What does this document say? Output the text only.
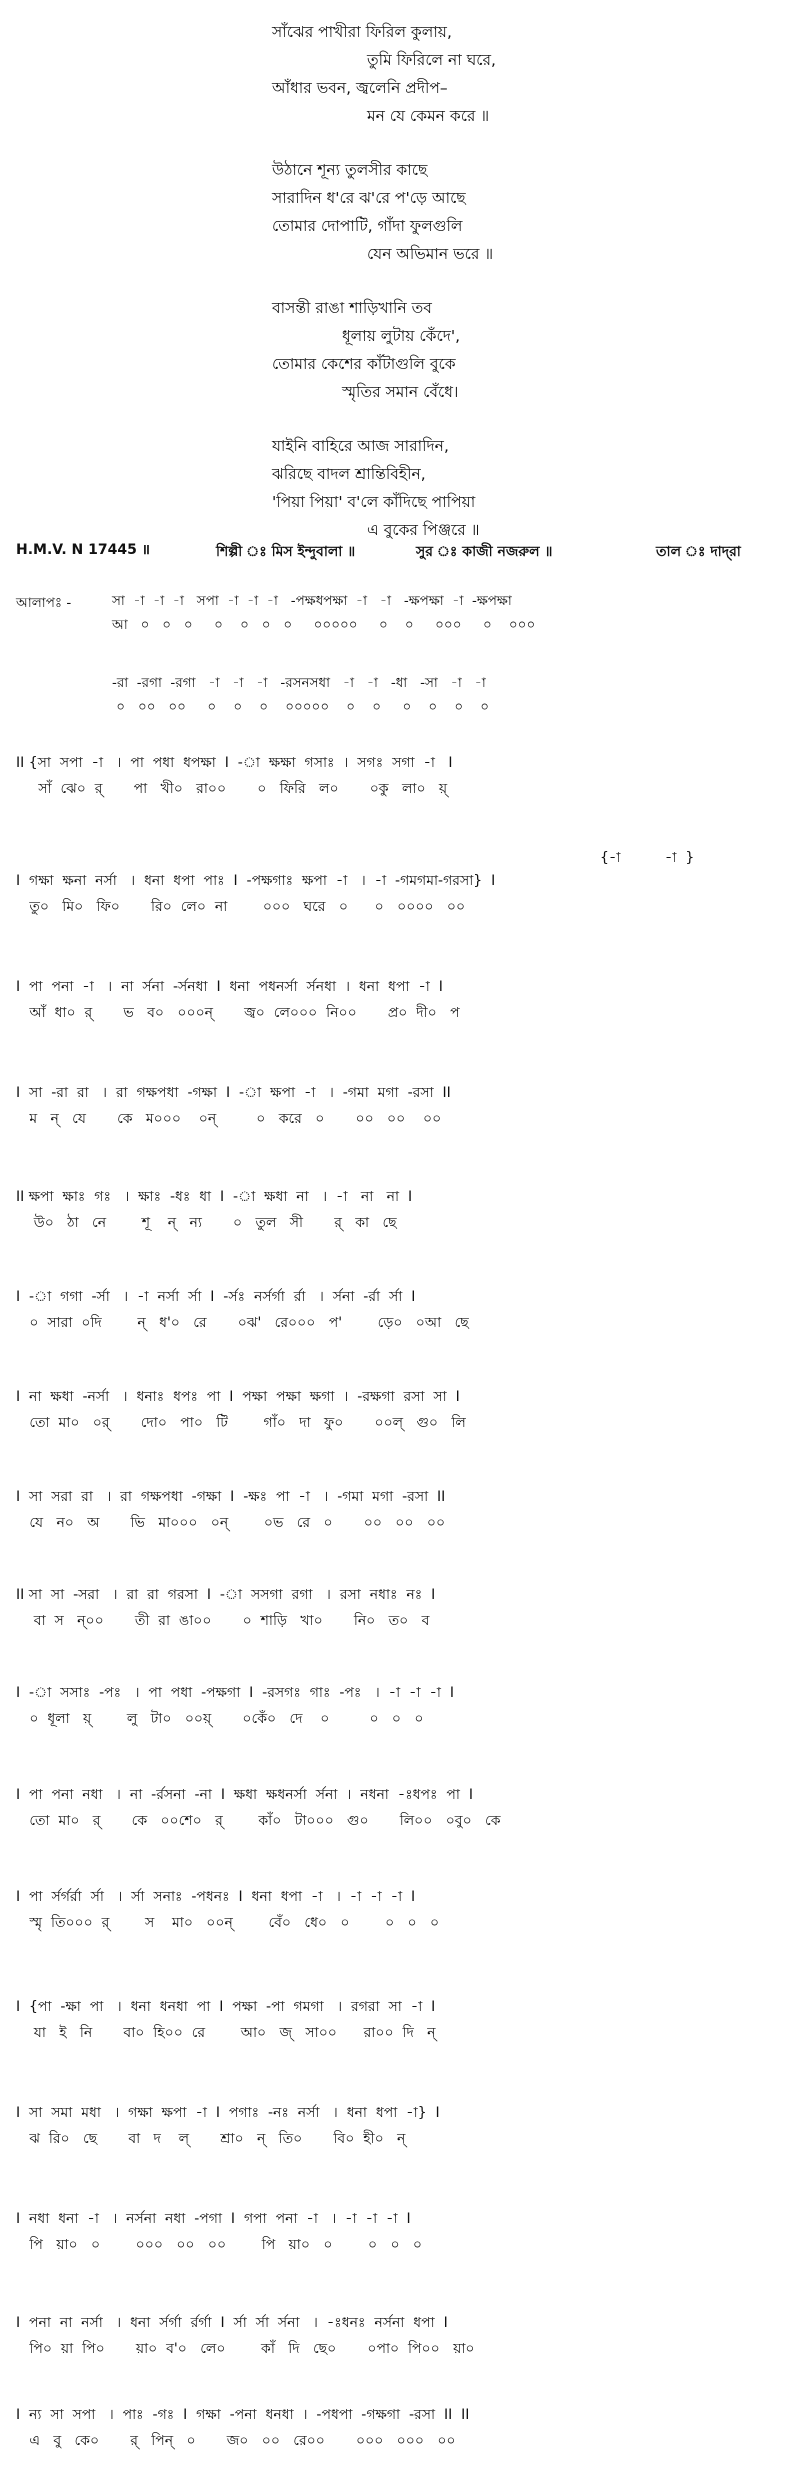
সাঁঝের পাখীরা ফিরিল কুলায়,
তুমি ফিরিলে না ঘরে,
আঁধার ভবন, জ্বলেনি প্রদীপ–
মন যে কেমন করে ॥
উঠানে শূন্য তুলসীর কাছে
সারাদিন ধ'রে ঝ'রে প'ড়ে আছে
তোমার দোপাটি, গাঁদা ফুলগুলি
যেন অভিমান ভরে ॥
বাসন্তী রাঙা শাড়িখানি তব
ধূলায় লুটায় কেঁদে',
তোমার কেশের কাঁটাগুলি বুকে
স্মৃতির সমান বেঁধে।
যাইনি বাহিরে আজ সারাদিন,
ঝরিছে বাদল শ্রান্তিবিহীন,
'পিয়া পিয়া' ব'লে কাঁদিছে পাপিয়া
এ বুকের পিঞ্জরে ॥
H.M.V. N 17445 ॥	শিল্পী ঃ মিস ইন্দুবালা ॥	সুর ঃ কাজী নজরুল ॥	তাল ঃ দাদ্‌রা
আলাপঃ -	সা  -া  -া  -া   সপা  -া  -া  -া   -পক্ষধপক্ষা  -া   -া   -ক্ষপক্ষা  -া  -ক্ষপক্ষা
আ   ০   ০   ০     ০    ০   ০   ০     ০০০০০     ০    ০     ০০০     ০    ০০০
-রা  -রগা  -রগা   -া   -া   -া   -রসনসধা   -া   -া   -ধা   -সা   -া   -া
০   ০০   ০০     ০    ০    ০    ০০০০০    ০    ০     ০    ০    ০    ০
{-া          -া  }
II {সা  সপা  -া   ।  পা  পধা  ধপক্ষা  I  -া  ক্ষক্ষা  গসাঃ  ।  সগঃ  সগা  -া   I
সাঁ  ঝে০  র্       পা   খী০   রা০০       ০   ফিরি   ল০       ০কু   লা০   য়্
I  গক্ষা  ক্ষনা  নর্সা   ।  ধনা  ধপা  পাঃ  I  -পক্ষগাঃ  ক্ষপা  -া   ।  -া  -গমগমা-গরসা}  I
তু০   মি০   ফি০       রি০  লে০  না        ০০০   ঘরে   ০      ০   ০০০০   ০০
I  পা  পনা  -া   ।  না  র্সনা  -র্সনধা  I  ধনা  পধনর্সা  র্সনধা  ।  ধনা  ধপা  -া  I
আঁ  ধা০  র্       ভ   ব০   ০০০ন্       জ্ব০  লে০০০  নি০০       প্র০  দী০   প
I  সা  -রা  রা   ।  রা  গক্ষপধা  -গক্ষা  I  -া  ক্ষপা  -া   ।  -গমা  মগা  -রসা  II
ম   ন্   যে       কে   ম০০০    ০ন্         ০   করে   ০       ০০   ০০    ০০
II ক্ষপা  ক্ষাঃ  গঃ   ।  ক্ষাঃ  -ধঃ  ধা  I  -া  ক্ষধা  না   ।  -া   না   না  I
উ০   ঠা   নে        শূ    ন্   ন্য       ০   তুল   সী       র্   কা   ছে
I  -া  গগা  -র্সা   ।  -া  নর্সা  র্সা  I  -র্সঃ  নর্সর্গা  র্রা   ।  র্সনা  -র্রা  র্সা  I
০  সারা  ০দি        ন্   ধ'০   রে       ০ঝ'   রে০০০   প'        ড়ে০   ০আ   ছে
I  না  ক্ষধা  -নর্সা   ।  ধনাঃ  ধপঃ  পা  I  পক্ষা  পক্ষা  ক্ষগা  ।  -রক্ষগা  রসা  সা  I
তো  মা০   ০র্       দো০   পা০   টি        গাঁ০   দা   ফু০       ০০ল্   গু০   লি
I  সা  সরা  রা   ।  রা  গক্ষপধা  -গক্ষা  I  -ক্ষঃ  পা  -া   ।  -গমা  মগা  -রসা  II
যে   ন০   অ       ভি   মা০০০   ০ন্        ০ভ   রে   ০       ০০   ০০   ০০
II সা  সা  -সরা   ।  রা  রা  গরসা  I  -া  সসগা  রগা   ।  রসা  নধাঃ  নঃ  I
বা  স   ন্০০       তী  রা  ঙা০০       ০  শাড়ি   খা০       নি০   ত০   ব
I  -া  সসাঃ  -পঃ   ।  পা  পধা  -পক্ষগা  I  -রসগঃ  গাঃ  -পঃ   ।  -া  -া  -া  I
০  ধূলা   য়্        লু   টা০   ০০য়্       ০কেঁ০   দে    ০         ০   ০   ০
I  পা  পনা  নধা   ।  না  -র্রসনা  -না  I  ক্ষধা  ক্ষধনর্সা  র্সনা  ।  নধনা  -ঃধপঃ  পা  I
তো  মা০   র্       কে   ০০শে০   র্        কাঁ০   টা০০০   গু০       লি০০   ০বু০   কে
I  পা  র্সর্গর্রা  র্সা   ।  র্সা  সনাঃ  -পধনঃ  I  ধনা  ধপা  -া   ।  -া  -া  -া  I
স্মৃ  তি০০০  র্        স    মা০   ০০ন্        বেঁ০   ধে০   ০        ০   ০   ০
I  {পা  -ক্ষা  পা   ।  ধনা  ধনধা  পা  I  পক্ষা  -পা  গমগা   ।  রগরা  সা  -া  I
যা   ই   নি       বা০  হি০০  রে        আ০   জ্   সা০০      রা০০  দি   ন্
I  সা  সমা  মধা   ।  গক্ষা  ক্ষপা  -া  I  পগাঃ  -নঃ  নর্সা   ।  ধনা  ধপা  -া}  I
ঝ  রি০   ছে       বা   দ    ল্       শ্রা০   ন্   তি০       বি০  হী০   ন্
I  নধা  ধনা  -া   ।  নর্সনা  নধা  -পগা  I  গপা  পনা  -া   ।  -া  -া  -া  I
পি   য়া০   ০        ০০০   ০০   ০০        পি   য়া০   ০        ০   ০   ০
I  পনা  না  নর্সা   ।  ধনা  র্সর্গা  র্রর্গা  I  র্সা  র্সা  র্সনা   ।  -ঃধনঃ  নর্সনা  ধপা  I
পি০  য়া  পি০       য়া০  ব'০   লে০        কাঁ   দি   ছে০       ০পা০  পি০০   য়া০
I  ন্য  সা  সপা   ।  পাঃ  -গঃ  I  গক্ষা  -পনা  ধনধা  ।  -পধপা  -গক্ষগা  -রসা  II  II
এ   বু   কে০       র্   পিন্   ০       জ০   ০০   রে০০       ০০০   ০০০   ০০
